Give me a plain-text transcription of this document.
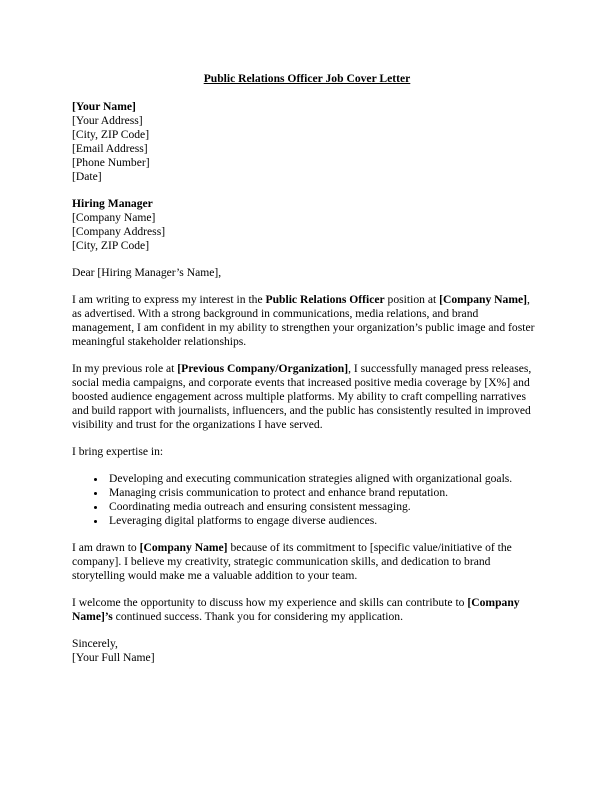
Public Relations Officer Job Cover Letter
[Your Name]
[Your Address]
[City, ZIP Code]
[Email Address]
[Phone Number]
[Date]
Hiring Manager
[Company Name]
[Company Address]
[City, ZIP Code]

Dear [Hiring Manager’s Name],

I am writing to express my interest in the Public Relations Officer position at [Company Name], as advertised. With a strong background in communications, media relations, and brand management, I am confident in my ability to strengthen your organization’s public image and foster meaningful stakeholder relationships.

In my previous role at [Previous Company/Organization], I successfully managed press releases, social media campaigns, and corporate events that increased positive media coverage by [X%] and boosted audience engagement across multiple platforms. My ability to craft compelling narratives and build rapport with journalists, influencers, and the public has consistently resulted in improved visibility and trust for the organizations I have served.

I bring expertise in:

• Developing and executing communication strategies aligned with organizational goals.
• Managing crisis communication to protect and enhance brand reputation.
• Coordinating media outreach and ensuring consistent messaging.
• Leveraging digital platforms to engage diverse audiences.

I am drawn to [Company Name] because of its commitment to [specific value/initiative of the company]. I believe my creativity, strategic communication skills, and dedication to brand storytelling would make me a valuable addition to your team.

I welcome the opportunity to discuss how my experience and skills can contribute to [Company Name]’s continued success. Thank you for considering my application.

Sincerely,
[Your Full Name]
